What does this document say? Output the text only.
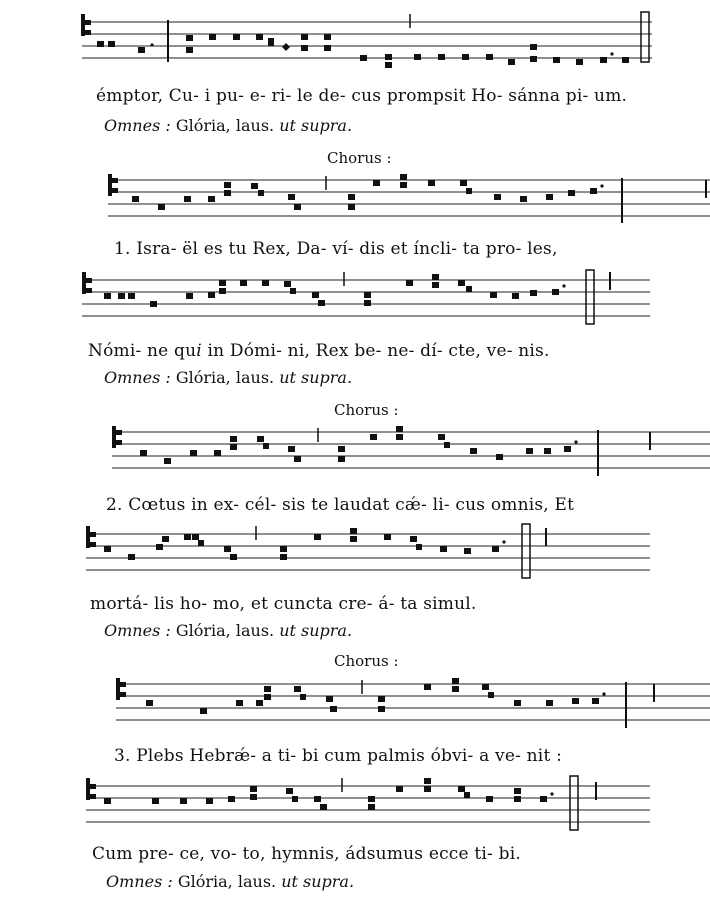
émptor, Cu- i pu- e- ri- le de- cus prompsit Ho- sánna pi- um.
Omnes : Glória, laus. ut supra.
Chorus :
1. Isra- ël es tu Rex, Da- ví- dis et íncli- ta pro- les,
Nómi- ne qui in Dómi- ni, Rex be- ne- dí- cte, ve- nis.
Omnes : Glória, laus. ut supra.
Chorus :
2. Cœtus in ex- cél- sis te laudat cǽ- li- cus omnis, Et
mortá- lis ho- mo, et cuncta cre- á- ta simul.
Omnes : Glória, laus. ut supra.
Chorus :
3. Plebs Hebrǽ- a ti- bi cum palmis óbvi- a ve- nit :
Cum pre- ce, vo- to, hymnis, ádsumus ecce ti- bi.
Omnes : Glória, laus. ut supra.
